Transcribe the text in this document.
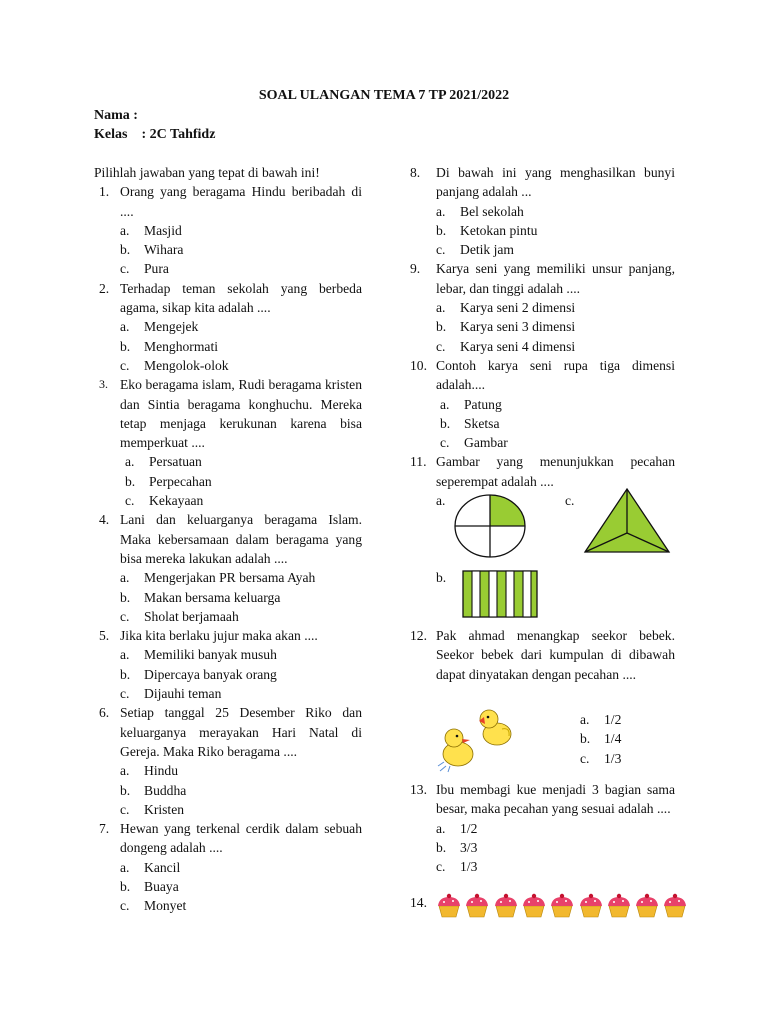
SOAL ULANGAN TEMA 7 TP 2021/2022
Nama :
Kelas : 2C Tahfidz
Pilihlah jawaban yang tepat di bawah ini!
1. Orang yang beragama Hindu beribadah di ....
a.	Masjid
b.	Wihara
c.	Pura
2. Terhadap teman sekolah yang berbeda agama, sikap kita adalah ....
a.	Mengejek
b.	Menghormati
c.	Mengolok-olok
3. Eko beragama islam, Rudi beragama kristen dan Sintia beragama konghuchu. Mereka tetap menjaga kerukunan karena bisa memperkuat ....
a.	Persatuan
b.	Perpecahan
c.	Kekayaan
4. Lani dan keluarganya beragama Islam. Maka kebersamaan dalam beragama yang bisa mereka lakukan adalah ....
a.	Mengerjakan PR bersama Ayah
b.	Makan bersama keluarga
c.	Sholat berjamaah
5. Jika kita berlaku jujur maka akan ....
a.	Memiliki banyak musuh
b.	Dipercaya banyak orang
c.	Dijauhi teman
6. Setiap tanggal 25 Desember Riko dan keluarganya merayakan Hari Natal di Gereja. Maka Riko beragama ....
a.	Hindu
b.	Buddha
c.	Kristen
7. Hewan yang terkenal cerdik dalam sebuah dongeng adalah ....
a.	Kancil
b.	Buaya
c.	Monyet
8.	Di bawah ini yang menghasilkan bunyi panjang adalah ...
a.	Bel sekolah
b.	Ketokan pintu
c.	Detik jam
9.	Karya seni yang memiliki unsur panjang, lebar, dan tinggi adalah ....
a.	Karya seni 2 dimensi
b.	Karya seni 3 dimensi
c.	Karya seni 4 dimensi
10. Contoh karya seni rupa tiga dimensi adalah....
a.	Patung
b.	Sketsa
c.	Gambar
11. Gambar yang menunjukkan pecahan seperempat adalah ....
a.	c.
b.
12. Pak ahmad menangkap seekor bebek. Seekor bebek dari kumpulan di dibawah dapat dinyatakan dengan pecahan ....
a.	1/2
b.	1/4
c.	1/3
13. Ibu membagi kue menjadi 3 bagian sama besar, maka pecahan yang sesuai adalah ....
a.	1/2
b.	3/3
c.	1/3
14.
